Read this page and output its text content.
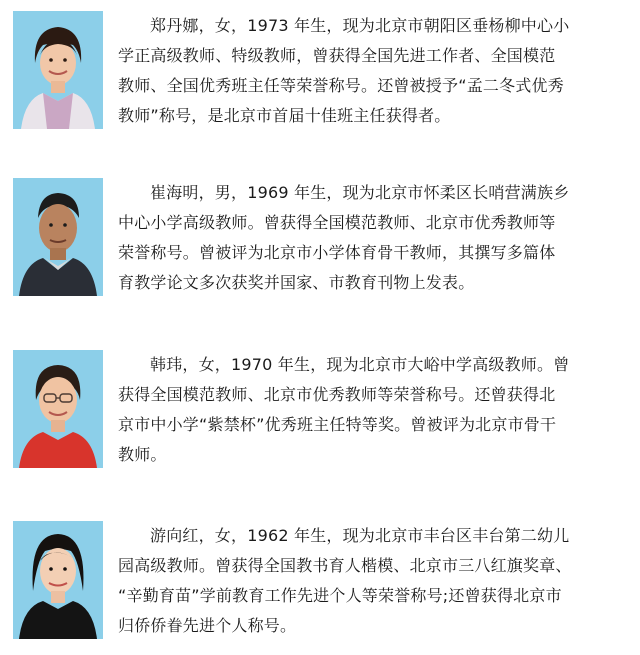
郑丹娜，女，1973 年生，现为北京市朝阳区垂杨柳中心小
学正高级教师、特级教师，曾获得全国先进工作者、全国模范
教师、全国优秀班主任等荣誉称号。还曾被授予“孟二冬式优秀
教师”称号，是北京市首届十佳班主任获得者。

崔海明，男，1969 年生，现为北京市怀柔区长哨营满族乡
中心小学高级教师。曾获得全国模范教师、北京市优秀教师等
荣誉称号。曾被评为北京市小学体育骨干教师，其撰写多篇体
育教学论文多次获奖并国家、市教育刊物上发表。

韩玮，女，1970 年生，现为北京市大峪中学高级教师。曾
获得全国模范教师、北京市优秀教师等荣誉称号。还曾获得北
京市中小学“紫禁杯”优秀班主任特等奖。曾被评为北京市骨干
教师。

游向红，女，1962 年生，现为北京市丰台区丰台第二幼儿
园高级教师。曾获得全国教书育人楷模、北京市三八红旗奖章、
“辛勤育苗”学前教育工作先进个人等荣誉称号;还曾获得北京市
归侨侨眷先进个人称号。
